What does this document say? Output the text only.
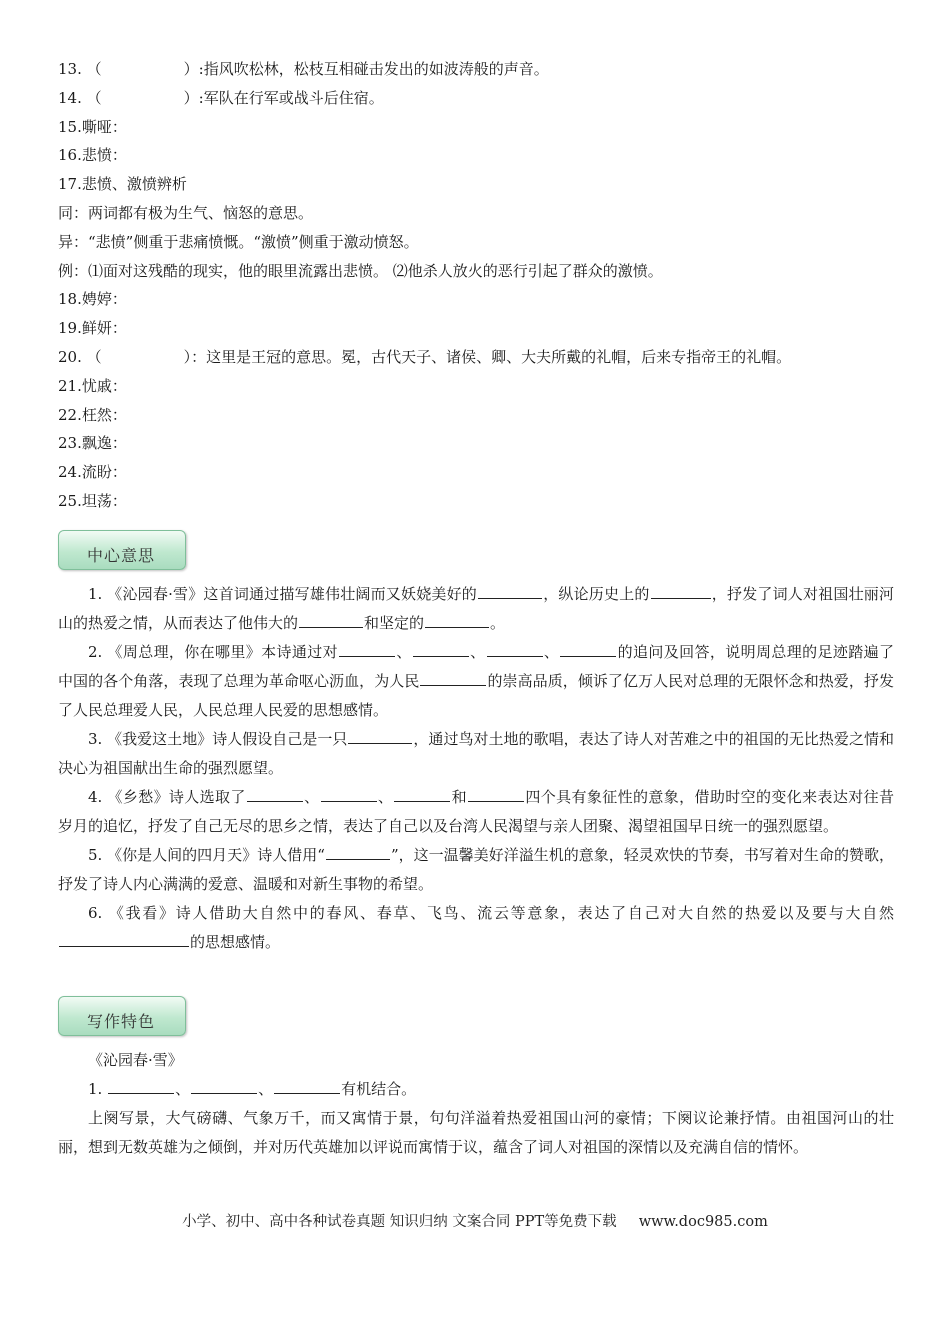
13. （	）:指风吹松林，松枝互相碰击发出的如波涛般的声音。
14. （	）:军队在行军或战斗后住宿。
15.嘶哑：
16.悲愤：
17.悲愤、激愤辨析
同：两词都有极为生气、恼怒的意思。
异：“悲愤”侧重于悲痛愤慨。“激愤”侧重于激动愤怒。
例：⑴面对这残酷的现实，他的眼里流露出悲愤。 ⑵他杀人放火的恶行引起了群众的激愤。
18.娉婷：
19.鲜妍：
20. （	）：这里是王冠的意思。冕，古代天子、诸侯、卿、大夫所戴的礼帽，后来专指帝王的礼帽。
21.忧戚：
22.枉然：
23.飘逸：
24.流盼：
25.坦荡：
中心意思

1. 《沁园春·雪》这首词通过描写雄伟壮阔而又妖娆美好的	，纵论历史上的	，抒发了词人对祖国壮丽河山的热爱之情，从而表达了他伟大的	和坚定的	。

2. 《周总理，你在哪里》本诗通过对	、	、	、	的追问及回答，说明周总理的足迹踏遍了中国的各个角落，表现了总理为革命呕心沥血，为人民	的崇高品质，倾诉了亿万人民对总理的无限怀念和热爱，抒发了人民总理爱人民，人民总理人民爱的思想感情。

3. 《我爱这土地》诗人假设自己是一只	，通过鸟对土地的歌唱，表达了诗人对苦难之中的祖国的无比热爱之情和决心为祖国献出生命的强烈愿望。

4. 《乡愁》诗人选取了	、	、	和	四个具有象征性的意象，借助时空的变化来表达对往昔岁月的追忆，抒发了自己无尽的思乡之情，表达了自己以及台湾人民渴望与亲人团聚、渴望祖国早日统一的强烈愿望。

5. 《你是人间的四月天》诗人借用“	”，这一温馨美好洋溢生机的意象，轻灵欢快的节奏，书写着对生命的赞歌，抒发了诗人内心满满的爱意、温暖和对新生事物的希望。

6. 《我看》诗人借助大自然中的春风、春草、飞鸟、流云等意象，表达了自己对大自然的热爱以及要与大自然的思想感情。

写作特色

《沁园春·雪》

1.	、	、	有机结合。

上阕写景，大气磅礴、气象万千，而又寓情于景，句句洋溢着热爱祖国山河的豪情；下阕议论兼抒情。由祖国河山的壮丽，想到无数英雄为之倾倒，并对历代英雄加以评说而寓情于议，蕴含了词人对祖国的深情以及充满自信的情怀。

小学、初中、高中各种试卷真题 知识归纳 文案合同 PPT等免费下载 www.doc985.com
